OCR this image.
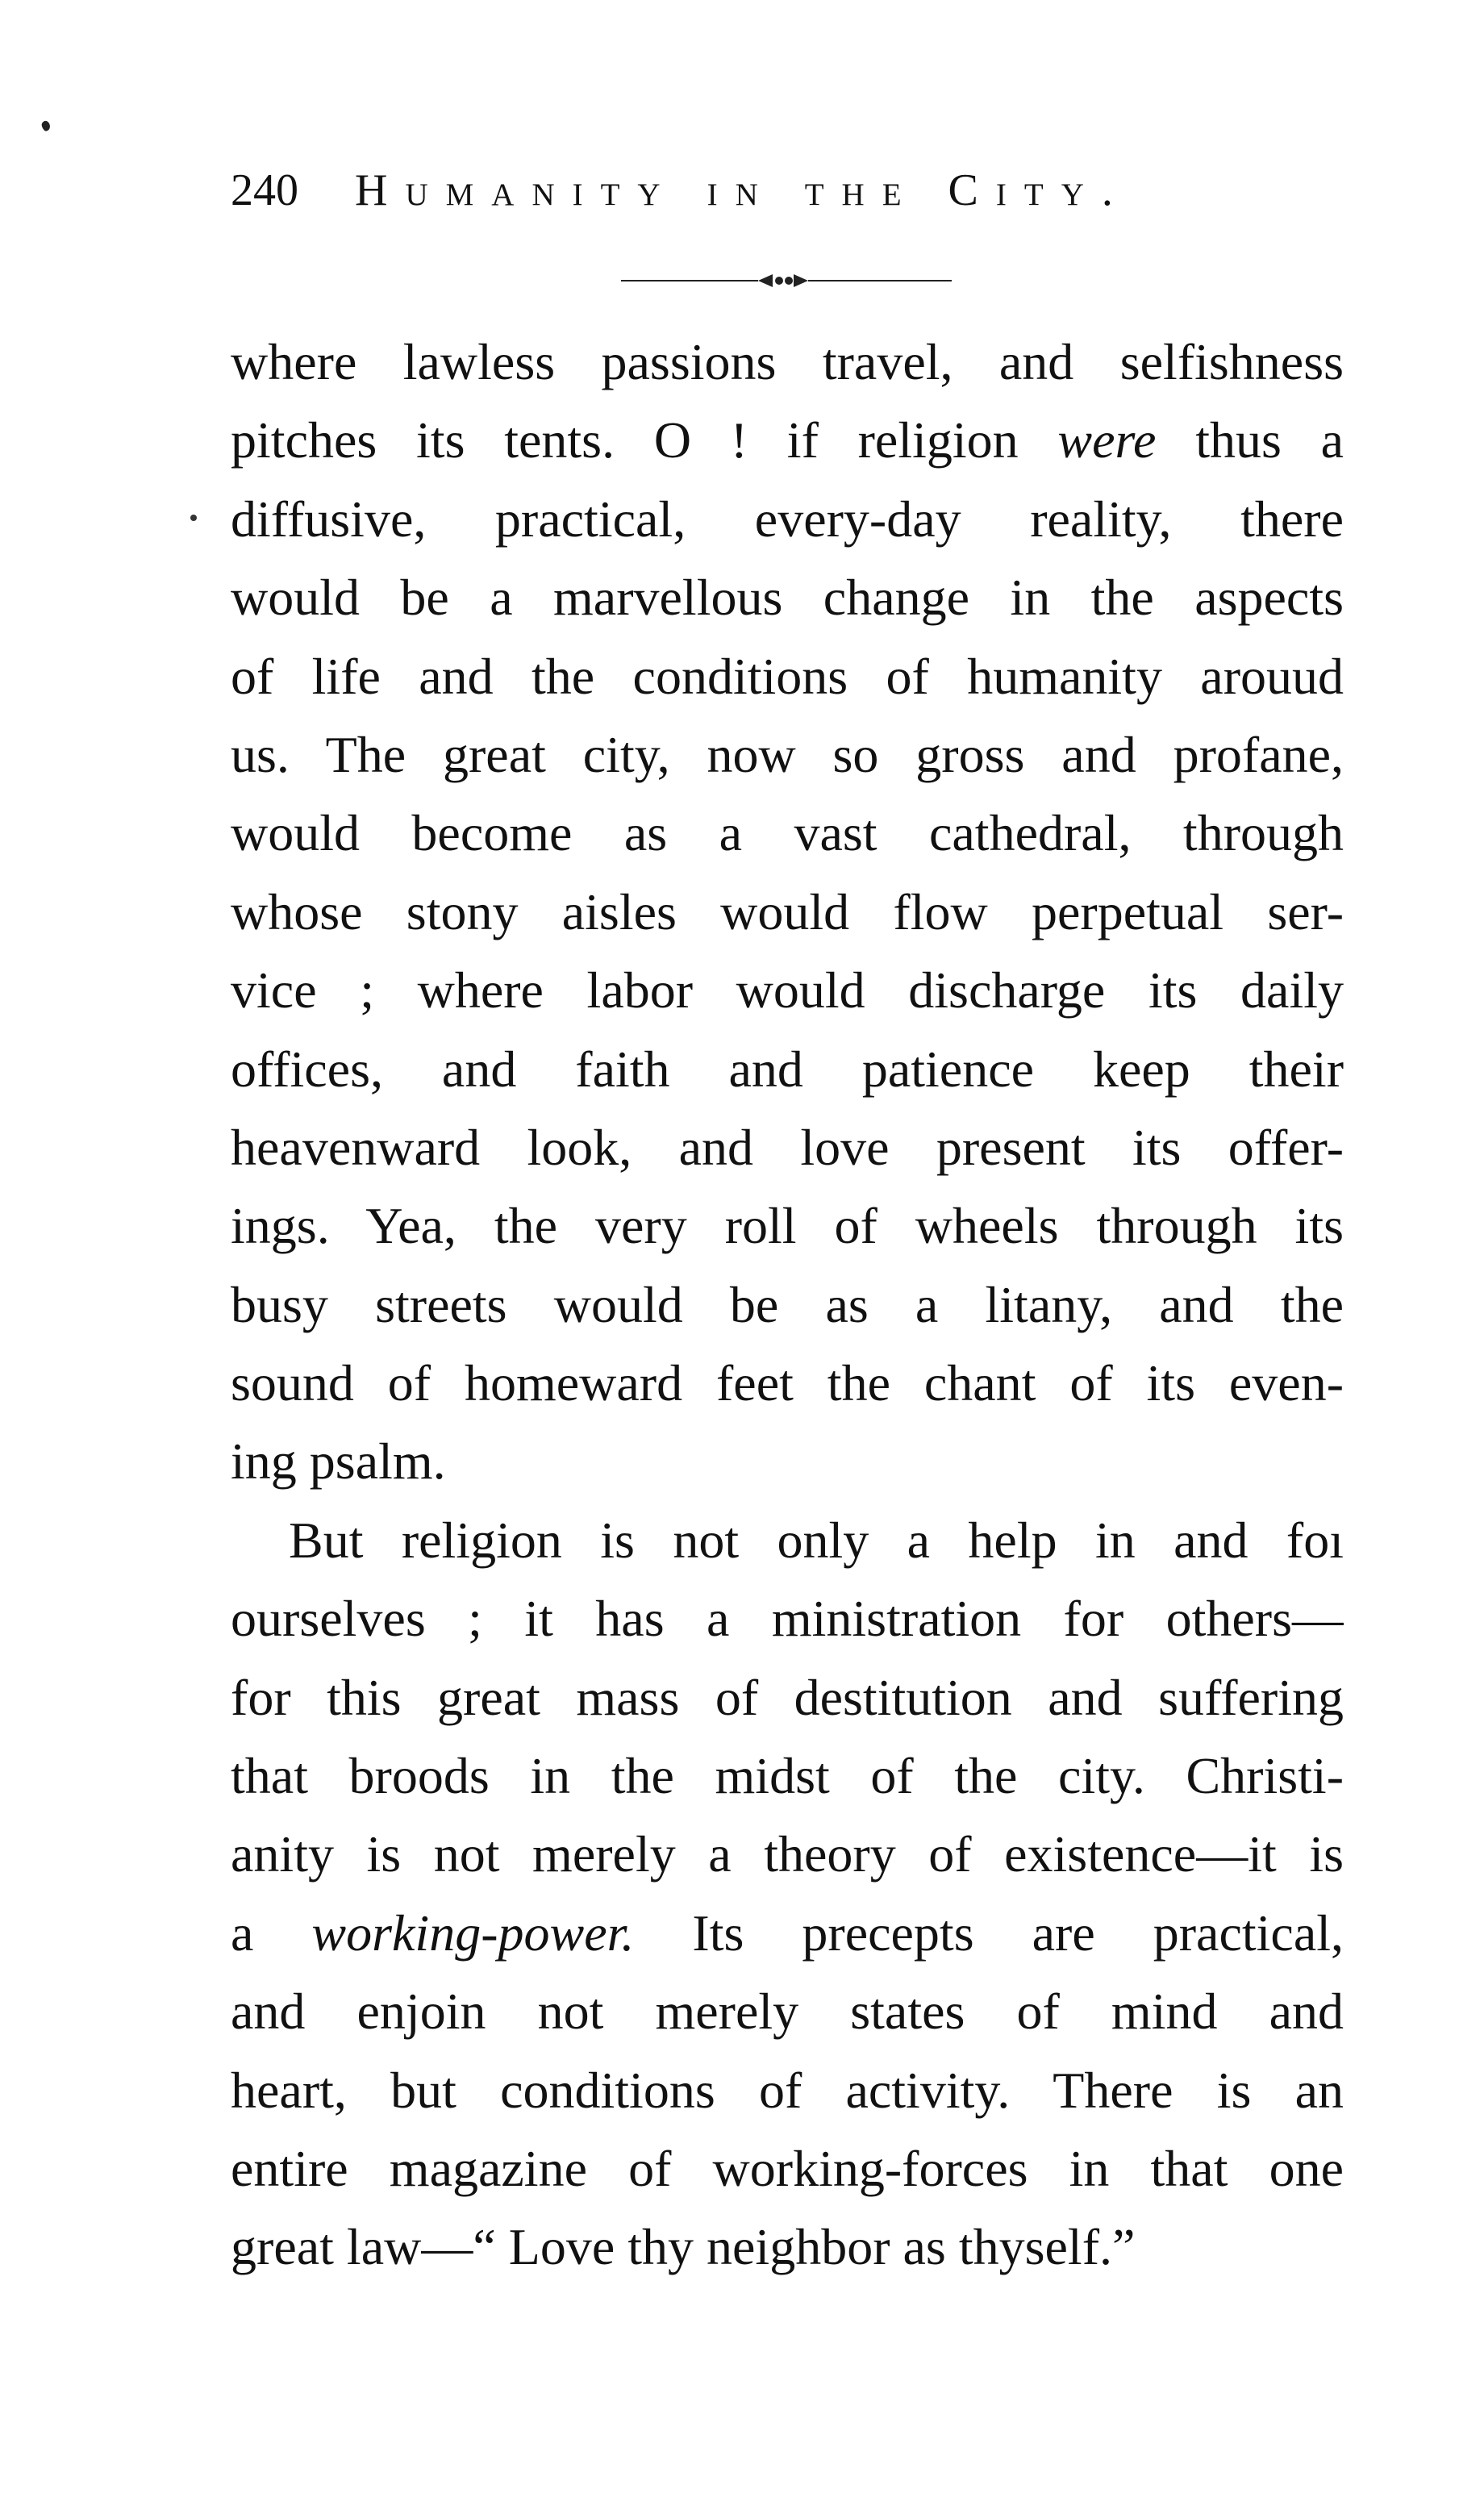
240 Humanity in the City.
where lawless passions travel, and selfishness
pitches its tents. O ! if religion were thus a
diffusive, practical, every-day reality, there
would be a marvellous change in the aspects
of life and the conditions of humanity arouud
us. The great city, now so gross and profane,
would become as a vast cathedral, through
whose stony aisles would flow perpetual ser-
vice ; where labor would discharge its daily
offices, and faith and patience keep their
heavenward look, and love present its offer-
ings. Yea, the very roll of wheels through its
busy streets would be as a litany, and the
sound of homeward feet the chant of its even-
ing psalm.
But religion is not only a help in and foı
ourselves ; it has a ministration for others—
for this great mass of destitution and suffering
that broods in the midst of the city. Christi-
anity is not merely a theory of existence—it is
a working-power. Its precepts are practical,
and enjoin not merely states of mind and
heart, but conditions of activity. There is an
entire magazine of working-forces in that one
great law—“ Love thy neighbor as thyself.”
